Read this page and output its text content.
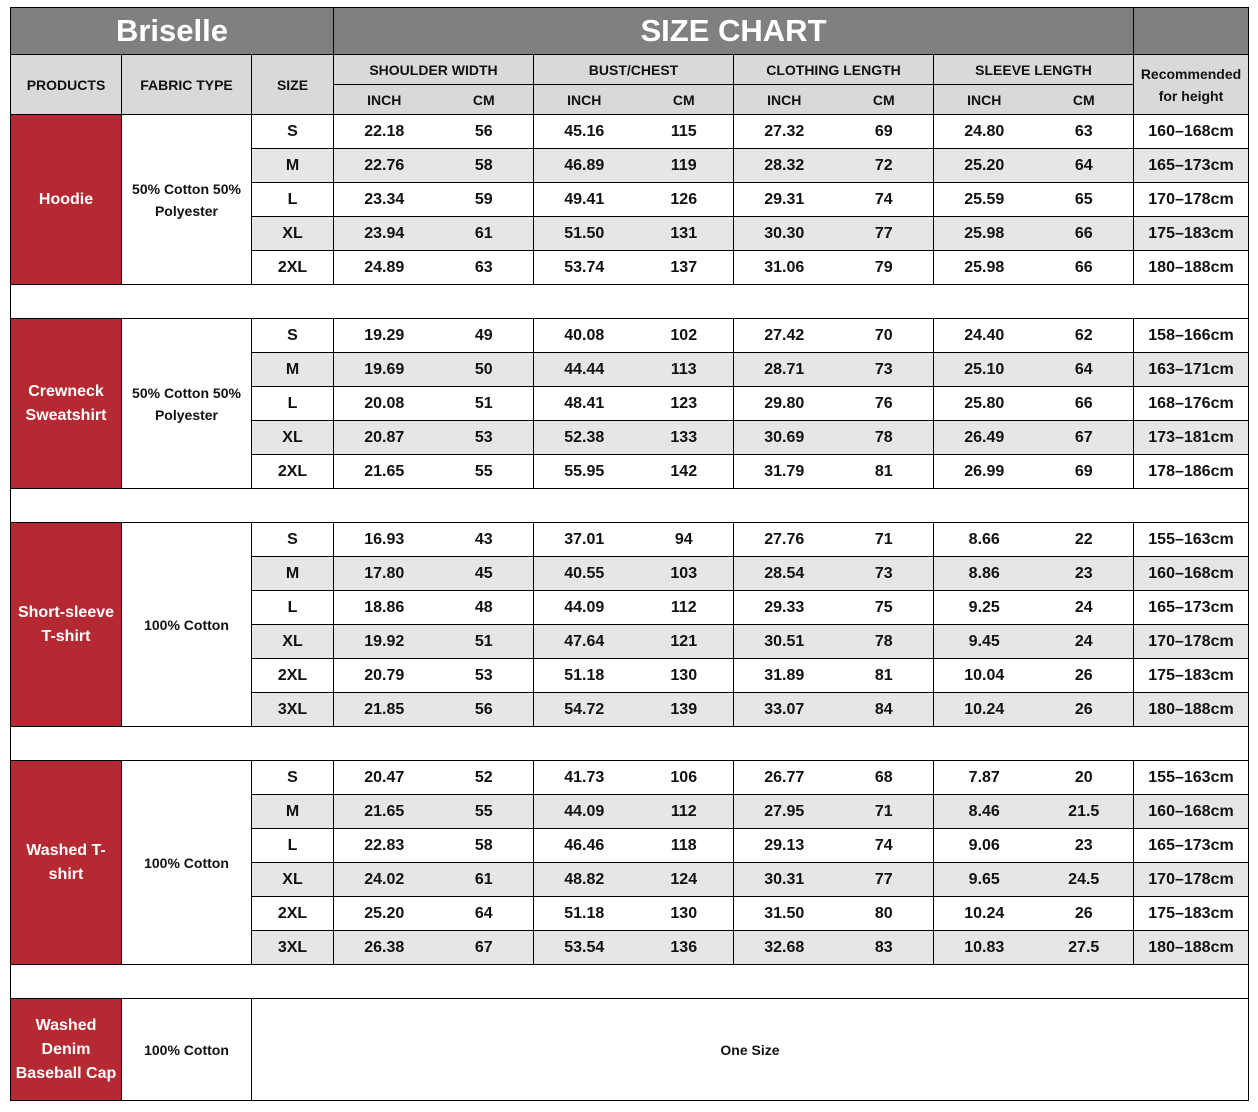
Briselle			SIZE CHART								
PRODUCTS	FABRIC TYPE	SIZE	SHOULDER WIDTH		BUST/CHEST		CLOTHING LENGTH		SLEEVE LENGTH		Recommended for height
			INCH	CM	INCH	CM	INCH	CM	INCH	CM	
Hoodie	50% Cotton 50% Polyester	S	22.18	56	45.16	115	27.32	69	24.80	63	160–168cm
		M	22.76	58	46.89	119	28.32	72	25.20	64	165–173cm
		L	23.34	59	49.41	126	29.31	74	25.59	65	170–178cm
		XL	23.94	61	51.50	131	30.30	77	25.98	66	175–183cm
		2XL	24.89	63	53.74	137	31.06	79	25.98	66	180–188cm

Crewneck Sweatshirt	50% Cotton 50% Polyester	S	19.29	49	40.08	102	27.42	70	24.40	62	158–166cm
		M	19.69	50	44.44	113	28.71	73	25.10	64	163–171cm
		L	20.08	51	48.41	123	29.80	76	25.80	66	168–176cm
		XL	20.87	53	52.38	133	30.69	78	26.49	67	173–181cm
		2XL	21.65	55	55.95	142	31.79	81	26.99	69	178–186cm

Short-sleeve T-shirt	100% Cotton	S	16.93	43	37.01	94	27.76	71	8.66	22	155–163cm
		M	17.80	45	40.55	103	28.54	73	8.86	23	160–168cm
		L	18.86	48	44.09	112	29.33	75	9.25	24	165–173cm
		XL	19.92	51	47.64	121	30.51	78	9.45	24	170–178cm
		2XL	20.79	53	51.18	130	31.89	81	10.04	26	175–183cm
		3XL	21.85	56	54.72	139	33.07	84	10.24	26	180–188cm

Washed T-shirt	100% Cotton	S	20.47	52	41.73	106	26.77	68	7.87	20	155–163cm
		M	21.65	55	44.09	112	27.95	71	8.46	21.5	160–168cm
		L	22.83	58	46.46	118	29.13	74	9.06	23	165–173cm
		XL	24.02	61	48.82	124	30.31	77	9.65	24.5	170–178cm
		2XL	25.20	64	51.18	130	31.50	80	10.24	26	175–183cm
		3XL	26.38	67	53.54	136	32.68	83	10.83	27.5	180–188cm

Washed Denim Baseball Cap	100% Cotton	One Size									
